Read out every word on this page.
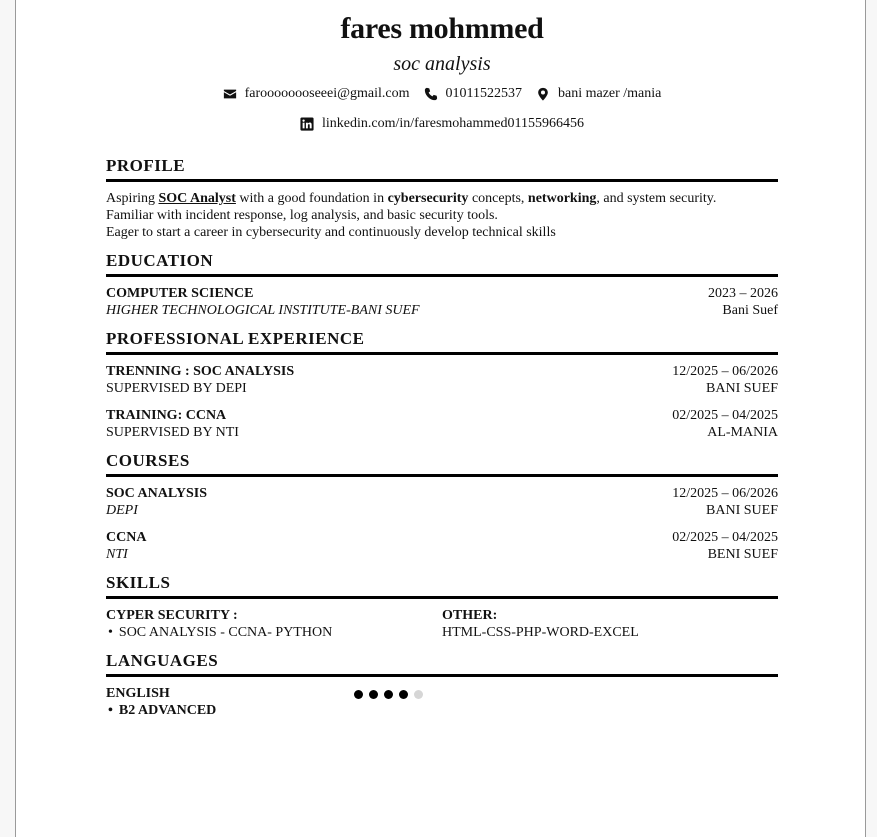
fares mohmmed
soc analysis
faroooooooseeei@gmail.com	01011522537	bani mazer /mania
linkedin.com/in/faresmohammed01155966456
PROFILE
Aspiring SOC Analyst with a good foundation in cybersecurity concepts, networking, and system security.
Familiar with incident response, log analysis, and basic security tools.
Eager to start a career in cybersecurity and continuously develop technical skills
EDUCATION
COMPUTER SCIENCE
HIGHER TECHNOLOGICAL INSTITUTE-BANI SUEF
2023 – 2026
Bani Suef
PROFESSIONAL EXPERIENCE
TRENNING : SOC ANALYSIS
SUPERVISED BY DEPI
12/2025 – 06/2026
BANI SUEF
TRAINING: CCNA
SUPERVISED BY NTI
02/2025 – 04/2025
AL-MANIA
COURSES
SOC ANALYSIS
DEPI
12/2025 – 06/2026
BANI SUEF
CCNA
NTI
02/2025 – 04/2025
BENI SUEF
SKILLS
CYPER SECURITY :
• SOC ANALYSIS - CCNA- PYTHON
OTHER:
HTML-CSS-PHP-WORD-EXCEL
LANGUAGES
ENGLISH
• B2 ADVANCED
